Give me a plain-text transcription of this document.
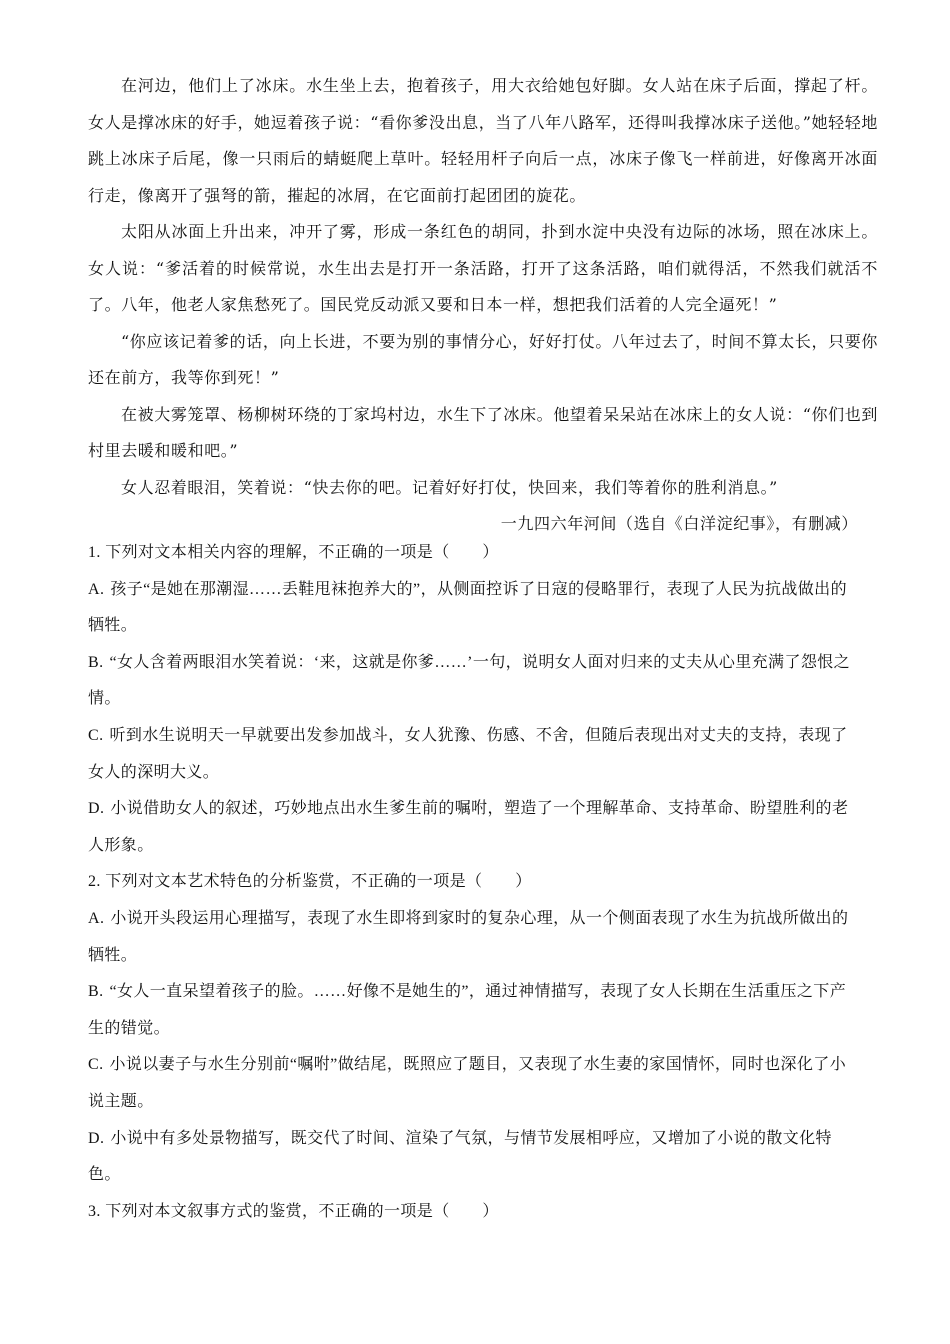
在河边，他们上了冰床。水生坐上去，抱着孩子，用大衣给她包好脚。女人站在床子后面，撑起了杆。女人是撑冰床的好手，她逗着孩子说：“看你爹没出息，当了八年八路军，还得叫我撑冰床子送他。”她轻轻地跳上冰床子后尾，像一只雨后的蜻蜓爬上草叶。轻轻用杆子向后一点，冰床子像飞一样前进，好像离开冰面行走，像离开了强弩的箭，摧起的冰屑，在它面前打起团团的旋花。

太阳从冰面上升出来，冲开了雾，形成一条红色的胡同，扑到水淀中央没有边际的冰场，照在冰床上。女人说：“爹活着的时候常说，水生出去是打开一条活路，打开了这条活路，咱们就得活，不然我们就活不了。八年，他老人家焦愁死了。国民党反动派又要和日本一样，想把我们活着的人完全逼死！”

“你应该记着爹的话，向上长进，不要为别的事情分心，好好打仗。八年过去了，时间不算太长，只要你还在前方，我等你到死！”

在被大雾笼罩、杨柳树环绕的丁家坞村边，水生下了冰床。他望着呆呆站在冰床上的女人说：“你们也到村里去暖和暖和吧。”

女人忍着眼泪，笑着说：“快去你的吧。记着好好打仗，快回来，我们等着你的胜利消息。”

一九四六年河间（选自《白洋淀纪事》，有删减）

1. 下列对文本相关内容的理解，不正确的一项是（　　）

A. 孩子“是她在那潮湿……丢鞋甩袜抱养大的”，从侧面控诉了日寇的侵略罪行，表现了人民为抗战做出的牺牲。

B. “女人含着两眼泪水笑着说：‘来，这就是你爹……’一句，说明女人面对归来的丈夫从心里充满了怨恨之情。

C. 听到水生说明天一早就要出发参加战斗，女人犹豫、伤感、不舍，但随后表现出对丈夫的支持，表现了女人的深明大义。

D. 小说借助女人的叙述，巧妙地点出水生爹生前的嘱咐，塑造了一个理解革命、支持革命、盼望胜利的老人形象。

2. 下列对文本艺术特色的分析鉴赏，不正确的一项是（　　）

A. 小说开头段运用心理描写，表现了水生即将到家时的复杂心理，从一个侧面表现了水生为抗战所做出的牺牲。

B. “女人一直呆望着孩子的脸。……好像不是她生的”，通过神情描写，表现了女人长期在生活重压之下产生的错觉。

C. 小说以妻子与水生分别前“嘱咐”做结尾，既照应了题目，又表现了水生妻的家国情怀，同时也深化了小说主题。

D. 小说中有多处景物描写，既交代了时间、渲染了气氛，与情节发展相呼应，又增加了小说的散文化特色。

3. 下列对本文叙事方式的鉴赏，不正确的一项是（　　）
